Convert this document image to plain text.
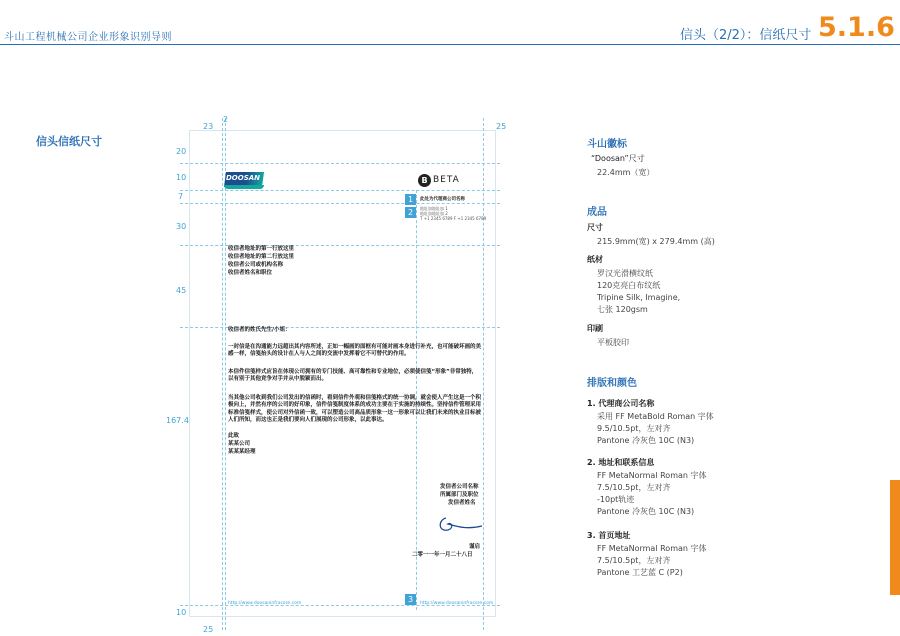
斗山工程机械公司企业形象识别导则	信头（2/2）：信纸尺寸 5.1.6
信头信纸尺寸
23
2
25
20
10
7
30
45
167.4
10
25
DOOSAN	B BETA
1
2
3
此处为代理商公司名称
地址加地址加 1
地址加地址加 2
T +1 2345 6789 F +1 2345 6789
收信者地址的第一行放这里
收信者地址的第二行放这里
收信者公司或机构名称
收信者姓名和职位
收信者的姓氏先生/小姐：
一封信是在沟通能力远超出其内容所述，正如一幅画的面框有可能对画本身进行补充，也可能破坏画的美感一样，信笺抬头的设计在人与人之间的交流中发挥着它不可替代的作用。
本信件信笺样式应旨在体现公司拥有的专门技能、高可靠性和专业地位，必须使信笺“形象”非常独特，以有别于其他竞争对手并从中脱颖而出。
当其他公司收到我们公司发出的信函时，看到信件外观和信笺格式的统一协调，就会使人产生这是一个积极向上，并然有序的公司的好印象，信件信笺制度体系的成功主要在于实施的持续性。坚持信件管理采用标准信笺样式，使公司对外信函一致，可以塑造公司高品质形象一这一形象可以让我们未来的执业目标被人们所知，而这也正是我们要向人们展现的公司形象，以此事达。
此致
某某公司
某某某经理
发信者公司名称
所属部门及职位
发信者姓名
谨启
二零一一年一月二十八日
http://www.doosaninfracore.com	http://www.doosaninfracore.com
斗山徽标
“Doosan”尺寸
22.4mm（宽）
成品
尺寸
215.9mm(宽) x 279.4mm (高)
纸材
罗汉光滑横纹纸
120克亮白布纹纸
Tripine Silk, Imagine,
七张 120gsm
印刷
平板胶印
排版和颜色
1. 代理商公司名称
采用 FF MetaBold Roman 字体
9.5/10.5pt，左对齐
Pantone 冷灰色 10C (N3)
2. 地址和联系信息
FF MetaNormal Roman 字体
7.5/10.5pt，左对齐
-10pt轨迹
Pantone 冷灰色 10C (N3)
3. 首页地址
FF MetaNormal Roman 字体
7.5/10.5pt，左对齐
Pantone 工艺蓝 C (P2)
